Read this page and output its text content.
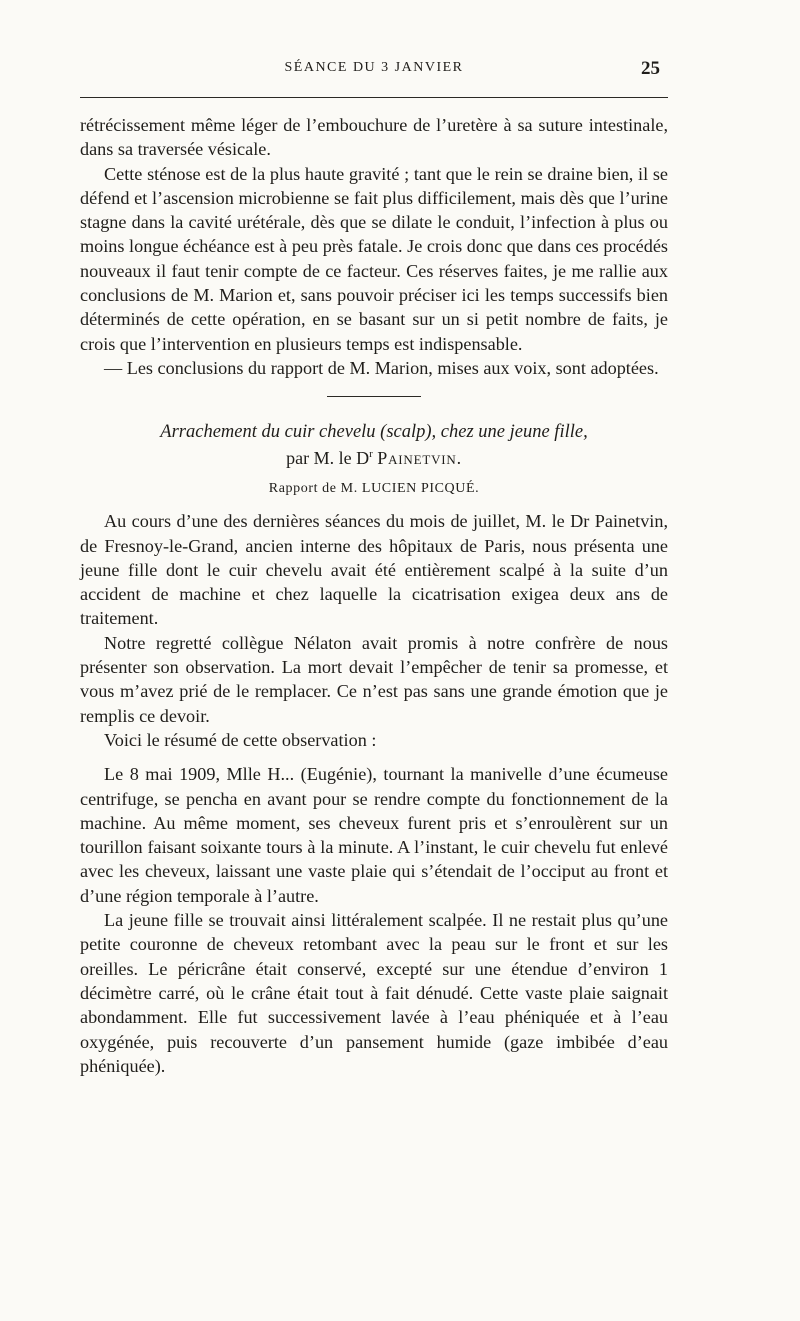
SÉANCE DU 3 JANVIER	25

rétrécissement même léger de l’embouchure de l’uretère à sa suture intestinale, dans sa traversée vésicale.

Cette sténose est de la plus haute gravité ; tant que le rein se draine bien, il se défend et l’ascension microbienne se fait plus difficilement, mais dès que l’urine stagne dans la cavité urétérale, dès que se dilate le conduit, l’infection à plus ou moins longue échéance est à peu près fatale. Je crois donc que dans ces procédés nouveaux il faut tenir compte de ce facteur. Ces réserves faites, je me rallie aux conclusions de M. Marion et, sans pouvoir préciser ici les temps successifs bien déterminés de cette opération, en se basant sur un si petit nombre de faits, je crois que l’intervention en plusieurs temps est indispensable.

— Les conclusions du rapport de M. Marion, mises aux voix, sont adoptées.

Arrachement du cuir chevelu (scalp), chez une jeune fille,
par M. le $D^r$ Painetvin.
Rapport de M. LUCIEN PICQUÉ.

Au cours d’une des dernières séances du mois de juillet, M. le Dr Painetvin, de Fresnoy-le-Grand, ancien interne des hôpitaux de Paris, nous présenta une jeune fille dont le cuir chevelu avait été entièrement scalpé à la suite d’un accident de machine et chez laquelle la cicatrisation exigea deux ans de traitement.

Notre regretté collègue Nélaton avait promis à notre confrère de nous présenter son observation. La mort devait l’empêcher de tenir sa promesse, et vous m’avez prié de le remplacer. Ce n’est pas sans une grande émotion que je remplis ce devoir.

Voici le résumé de cette observation :

Le 8 mai 1909, Mlle H... (Eugénie), tournant la manivelle d’une écumeuse centrifuge, se pencha en avant pour se rendre compte du fonctionnement de la machine. Au même moment, ses cheveux furent pris et s’enroulèrent sur un tourillon faisant soixante tours à la minute. A l’instant, le cuir chevelu fut enlevé avec les cheveux, laissant une vaste plaie qui s’étendait de l’occiput au front et d’une région temporale à l’autre.

La jeune fille se trouvait ainsi littéralement scalpée. Il ne restait plus qu’une petite couronne de cheveux retombant avec la peau sur le front et sur les oreilles. Le péricrâne était conservé, excepté sur une étendue d’environ 1 décimètre carré, où le crâne était tout à fait dénudé. Cette vaste plaie saignait abondamment. Elle fut successivement lavée à l’eau phéniquée et à l’eau oxygénée, puis recouverte d’un pansement humide (gaze imbibée d’eau phéniquée).
